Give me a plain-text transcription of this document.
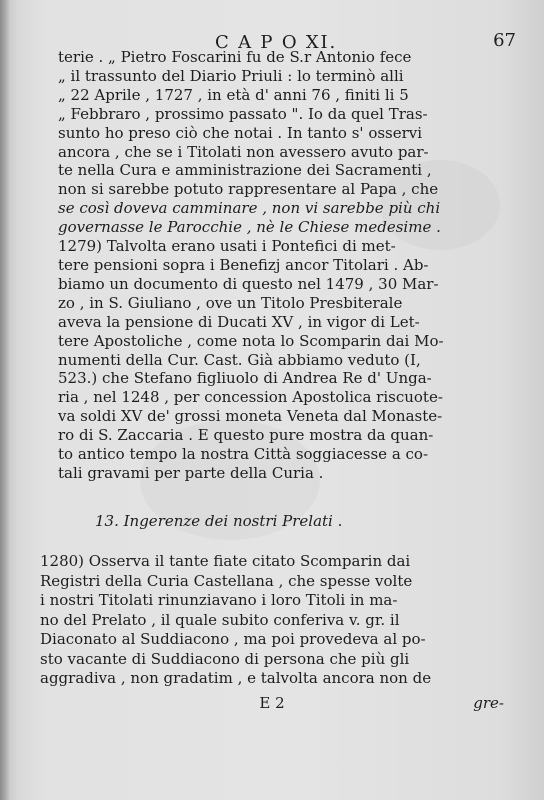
C A P O XI.	67
terie . „ Pietro Foscarini fu de S.r Antonio fece
„ il trassunto del Diario Priuli : lo terminò alli
„ 22 Aprile , 1727 , in età d' anni 76 , finiti li 5
„ Febbraro , prossimo passato ". Io da quel Tras-
sunto ho preso ciò che notai . In tanto s' osservi
ancora , che se i Titolati non avessero avuto par-
te nella Cura e amministrazione dei Sacramenti ,
non si sarebbe potuto rappresentare al Papa , che
se così doveva camminare , non vi sarebbe più chi
governasse le Parocchie , nè le Chiese medesime .
1279) Talvolta erano usati i Pontefici di met-
tere pensioni sopra i Benefizj ancor Titolari . Ab-
biamo un documento di questo nel 1479 , 30 Mar-
zo , in S. Giuliano , ove un Titolo Presbiterale
aveva la pensione di Ducati XV , in vigor di Let-
tere Apostoliche , come nota lo Scomparin dai Mo-
numenti della Cur. Cast. Già abbiamo veduto (I,
523.) che Stefano figliuolo di Andrea Re d' Unga-
ria , nel 1248 , per concession Apostolica riscuote-
va soldi XV de' grossi moneta Veneta dal Monaste-
ro di S. Zaccaria . E questo pure mostra da quan-
to antico tempo la nostra Città soggiacesse a co-
tali gravami per parte della Curia .
13. Ingerenze dei nostri Prelati .
1280) Osserva il tante fiate citato Scomparin dai
Registri della Curia Castellana , che spesse volte
i nostri Titolati rinunziavano i loro Titoli in ma-
no del Prelato , il quale subito conferiva v. gr. il
Diaconato al Suddiacono , ma poi provedeva al po-
sto vacante di Suddiacono di persona che più gli
aggradiva , non gradatim , e talvolta ancora non de
E 2	gre-
